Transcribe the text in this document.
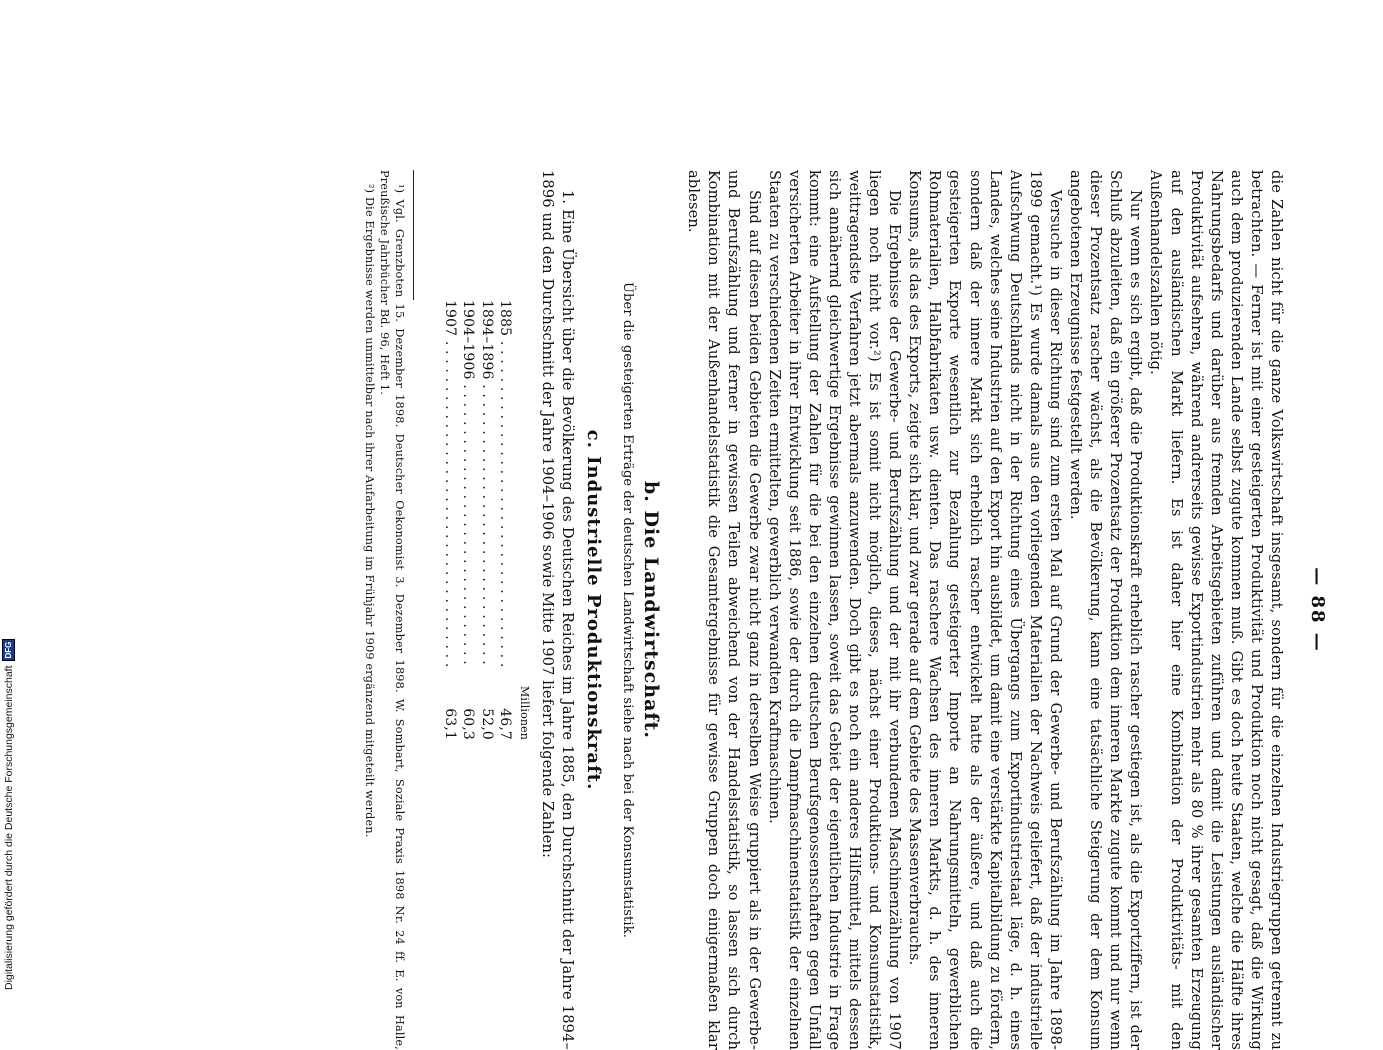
— 88 —

die Zahlen nicht für die ganze Volkswirtschaft insgesamt, sondern für die einzelnen Industriegruppen getrennt zu betrachten. — Ferner ist mit einer gesteigerten Produktivität und Produktion noch nicht gesagt, daß die Wirkung auch dem produzierenden Lande selbst zugute kommen muß. Gibt es doch heute Staaten, welche die Hälfte ihres Nahrungsbedarfs und darüber aus fremden Arbeitsgebieten zuführen und damit die Leistungen ausländischer Produktivität aufsehren, während andrerseits gewisse Exportindustrien mehr als 80 % ihrer gesamten Erzeugung auf den ausländischen Markt liefern. Es ist daher hier eine Kombination der Produktivitäts- mit den Außenhandelszahlen nötig.

Nur wenn es sich ergibt, daß die Produktionskraft erheblich rascher gestiegen ist, als die Exportziffern, ist der Schluß abzuleiten, daß ein größerer Prozentsatz der Produktion dem inneren Markte zugute kommt und nur wenn dieser Prozentsatz rascher wächst, als die Bevölkerung, kann eine tatsächliche Steigerung der dem Konsum angebotenen Erzeugnisse festgestellt werden.

Versuche in dieser Richtung sind zum ersten Mal auf Grund der Gewerbe- und Berufszählung im Jahre 1898-1899 gemacht.¹) Es wurde damals aus den vorliegenden Materialien der Nachweis geliefert, daß der industrielle Aufschwung Deutschlands nicht in der Richtung eines Übergangs zum Exportindustriestaat läge, d. h. eines Landes, welches seine Industrien auf den Export hin ausbildet, um damit eine verstärkte Kapitalbildung zu fördern, sondern daß der innere Markt sich erheblich rascher entwickelt hatte als der äußere, und daß auch die gesteigerten Exporte wesentlich zur Bezahlung gesteigerter Importe an Nahrungsmitteln, gewerblichen Rohmaterialien, Halbfabrikaten usw. dienten. Das raschere Wachsen des inneren Markts, d. h. des inneren Konsums, als das des Exports, zeigte sich klar, und zwar gerade auf dem Gebiete des Massenverbrauchs.

Die Ergebnisse der Gewerbe- und Berufszählung und der mit ihr verbundenen Maschinenzählung von 1907 liegen noch nicht vor.²) Es ist somit nicht möglich, dieses, nächst einer Produktions- und Konsumstatistik, weittragendste Verfahren jetzt abermals anzuwenden. Doch gibt es noch ein anderes Hilfsmittel, mittels dessen sich annähernd gleichwertige Ergebnisse gewinnen lassen, soweit das Gebiet der eigentlichen Industrie in Frage kommt: eine Aufstellung der Zahlen für die bei den einzelnen deutschen Berufsgenossenschaften gegen Unfall versicherten Arbeiter in ihrer Entwicklung seit 1886, sowie der durch die Dampfmaschinenstatistik der einzelnen Staaten zu verschiedenen Zeiten ermittelten, gewerblich verwandten Kraftmaschinen.

Sind auf diesen beiden Gebieten die Gewerbe zwar nicht ganz in derselben Weise gruppiert als in der Gewerbe- und Berufszählung und ferner in gewissen Teilen abweichend von der Handelsstatistik, so lassen sich durch Kombination mit der Außenhandelsstatistik die Gesamtergebnisse für gewisse Gruppen doch einigermaßen klar ablesen.

b. Die Landwirtschaft.
Über die gesteigerten Erträge der deutschen Landwirtschaft siehe nach bei der Konsumstatistik.
c. Industrielle Produktionskraft.

1. Eine Übersicht über die Bevölkerung des Deutschen Reiches im Jahre 1885, den Durchschnitt der Jahre 1894–1896 und den Durchschnitt der Jahre 1904–1906 sowie Mitte 1907 liefert folgende Zahlen:

Millionen
1885 . . .
46,7
1894–1896 . . .
52,0
1904–1906 . . .
60,3
1907 . . .
63,1

¹) Vgl. Grenzboten 15. Dezember 1898. Deutscher Oekonomist 3. Dezember 1898. W. Sombart, Soziale Praxis 1898 Nr. 24 ff. E. von Halle, Preußische Jahrbücher Bd. 96, Heft 1.

²) Die Ergebnisse werden unmittelbar nach ihrer Aufarbeitung im Frühjahr 1909 ergänzend mitgeteilt werden.

Digitalisierung gefördert durch die Deutsche Forschungsgemeinschaft
DFG
